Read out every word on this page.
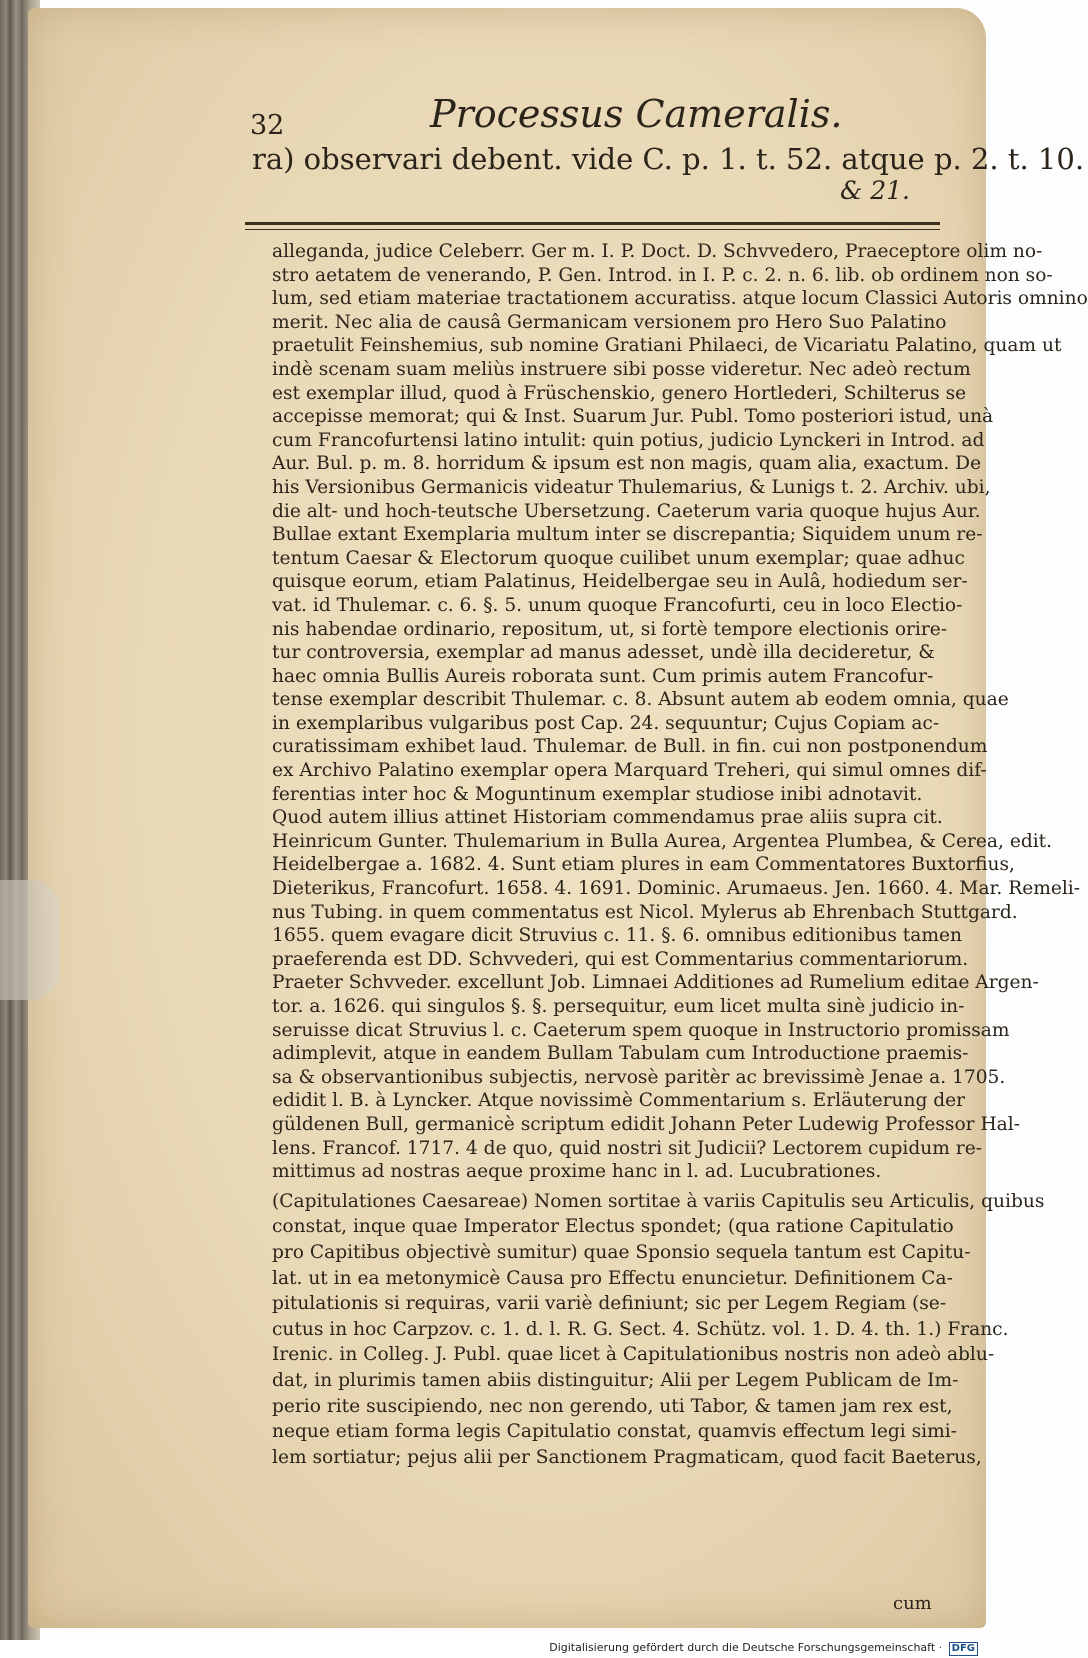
32	Processus Cameralis.
ra) observari debent. vide C. p. 1. t. 52. atque p. 2. t. 10.
& 21.
alleganda, judice Celeberr. Ger m. I. P. Doct. D. Schvvedero, Praeceptore olim no-
stro aetatem de venerando, P. Gen. Introd. in I. P. c. 2. n. 6. lib. ob ordinem non so-
lum, sed etiam materiae tractationem accuratiss. atque locum Classici Autoris omnino
merit. Nec alia de causâ Germanicam versionem pro Hero Suo Palatino
praetulit Feinshemius, sub nomine Gratiani Philaeci, de Vicariatu Palatino, quam ut
indè scenam suam meliùs instruere sibi posse videretur. Nec adeò rectum
est exemplar illud, quod à Früschenskio, genero Hortlederi, Schilterus se
accepisse memorat; qui & Inst. Suarum Jur. Publ. Tomo posteriori istud, unà
cum Francofurtensi latino intulit: quin potius, judicio Lynckeri in Introd. ad
Aur. Bul. p. m. 8. horridum & ipsum est non magis, quam alia, exactum. De
his Versionibus Germanicis videatur Thulemarius, & Lunigs t. 2. Archiv. ubi,
die alt- und hoch-teutsche Ubersetzung. Caeterum varia quoque hujus Aur.
Bullae extant Exemplaria multum inter se discrepantia; Siquidem unum re-
tentum Caesar & Electorum quoque cuilibet unum exemplar; quae adhuc
quisque eorum, etiam Palatinus, Heidelbergae seu in Aulâ, hodiedum ser-
vat. id Thulemar. c. 6. §. 5. unum quoque Francofurti, ceu in loco Electio-
nis habendae ordinario, repositum, ut, si fortè tempore electionis orire-
tur controversia, exemplar ad manus adesset, undè illa decideretur, &
haec omnia Bullis Aureis roborata sunt. Cum primis autem Francofur-
tense exemplar describit Thulemar. c. 8. Absunt autem ab eodem omnia, quae
in exemplaribus vulgaribus post Cap. 24. sequuntur; Cujus Copiam ac-
curatissimam exhibet laud. Thulemar. de Bull. in fin. cui non postponendum
ex Archivo Palatino exemplar opera Marquard Treheri, qui simul omnes dif-
ferentias inter hoc & Moguntinum exemplar studiose inibi adnotavit.
Quod autem illius attinet Historiam commendamus prae aliis supra cit.
Heinricum Gunter. Thulemarium in Bulla Aurea, Argentea Plumbea, & Cerea, edit.
Heidelbergae a. 1682. 4. Sunt etiam plures in eam Commentatores Buxtorfius,
Dieterikus, Francofurt. 1658. 4. 1691. Dominic. Arumaeus. Jen. 1660. 4. Mar. Remeli-
nus Tubing. in quem commentatus est Nicol. Mylerus ab Ehrenbach Stuttgard.
1655. quem evagare dicit Struvius c. 11. §. 6. omnibus editionibus tamen
praeferenda est DD. Schvvederi, qui est Commentarius commentariorum.
Praeter Schvveder. excellunt Job. Limnaei Additiones ad Rumelium editae Argen-
tor. a. 1626. qui singulos §. §. persequitur, eum licet multa sinè judicio in-
seruisse dicat Struvius l. c. Caeterum spem quoque in Instructorio promissam
adimplevit, atque in eandem Bullam Tabulam cum Introductione praemis-
sa & observantionibus subjectis, nervosè paritèr ac brevissimè Jenae a. 1705.
edidit l. B. à Lyncker. Atque novissimè Commentarium s. Erläuterung der
güldenen Bull, germanicè scriptum edidit Johann Peter Ludewig Professor Hal-
lens. Francof. 1717. 4 de quo, quid nostri sit Judicii? Lectorem cupidum re-
mittimus ad nostras aeque proxime hanc in l. ad. Lucubrationes.
(Capitulationes Caesareae) Nomen sortitae à variis Capitulis seu Articulis, quibus
constat, inque quae Imperator Electus spondet; (qua ratione Capitulatio
pro Capitibus objectivè sumitur) quae Sponsio sequela tantum est Capitu-
lat. ut in ea metonymicè Causa pro Effectu enuncietur. Definitionem Ca-
pitulationis si requiras, varii variè definiunt; sic per Legem Regiam (se-
cutus in hoc Carpzov. c. 1. d. l. R. G. Sect. 4. Schütz. vol. 1. D. 4. th. 1.) Franc.
Irenic. in Colleg. J. Publ. quae licet à Capitulationibus nostris non adeò ablu-
dat, in plurimis tamen abiis distinguitur; Alii per Legem Publicam de Im-
perio rite suscipiendo, nec non gerendo, uti Tabor, & tamen jam rex est,
neque etiam forma legis Capitulatio constat, quamvis effectum legi simi-
lem sortiatur; pejus alii per Sanctionem Pragmaticam, quod facit Baeterus,
cum
Digitalisierung gefördert durch die Deutsche Forschungsgemeinschaft · DFG
